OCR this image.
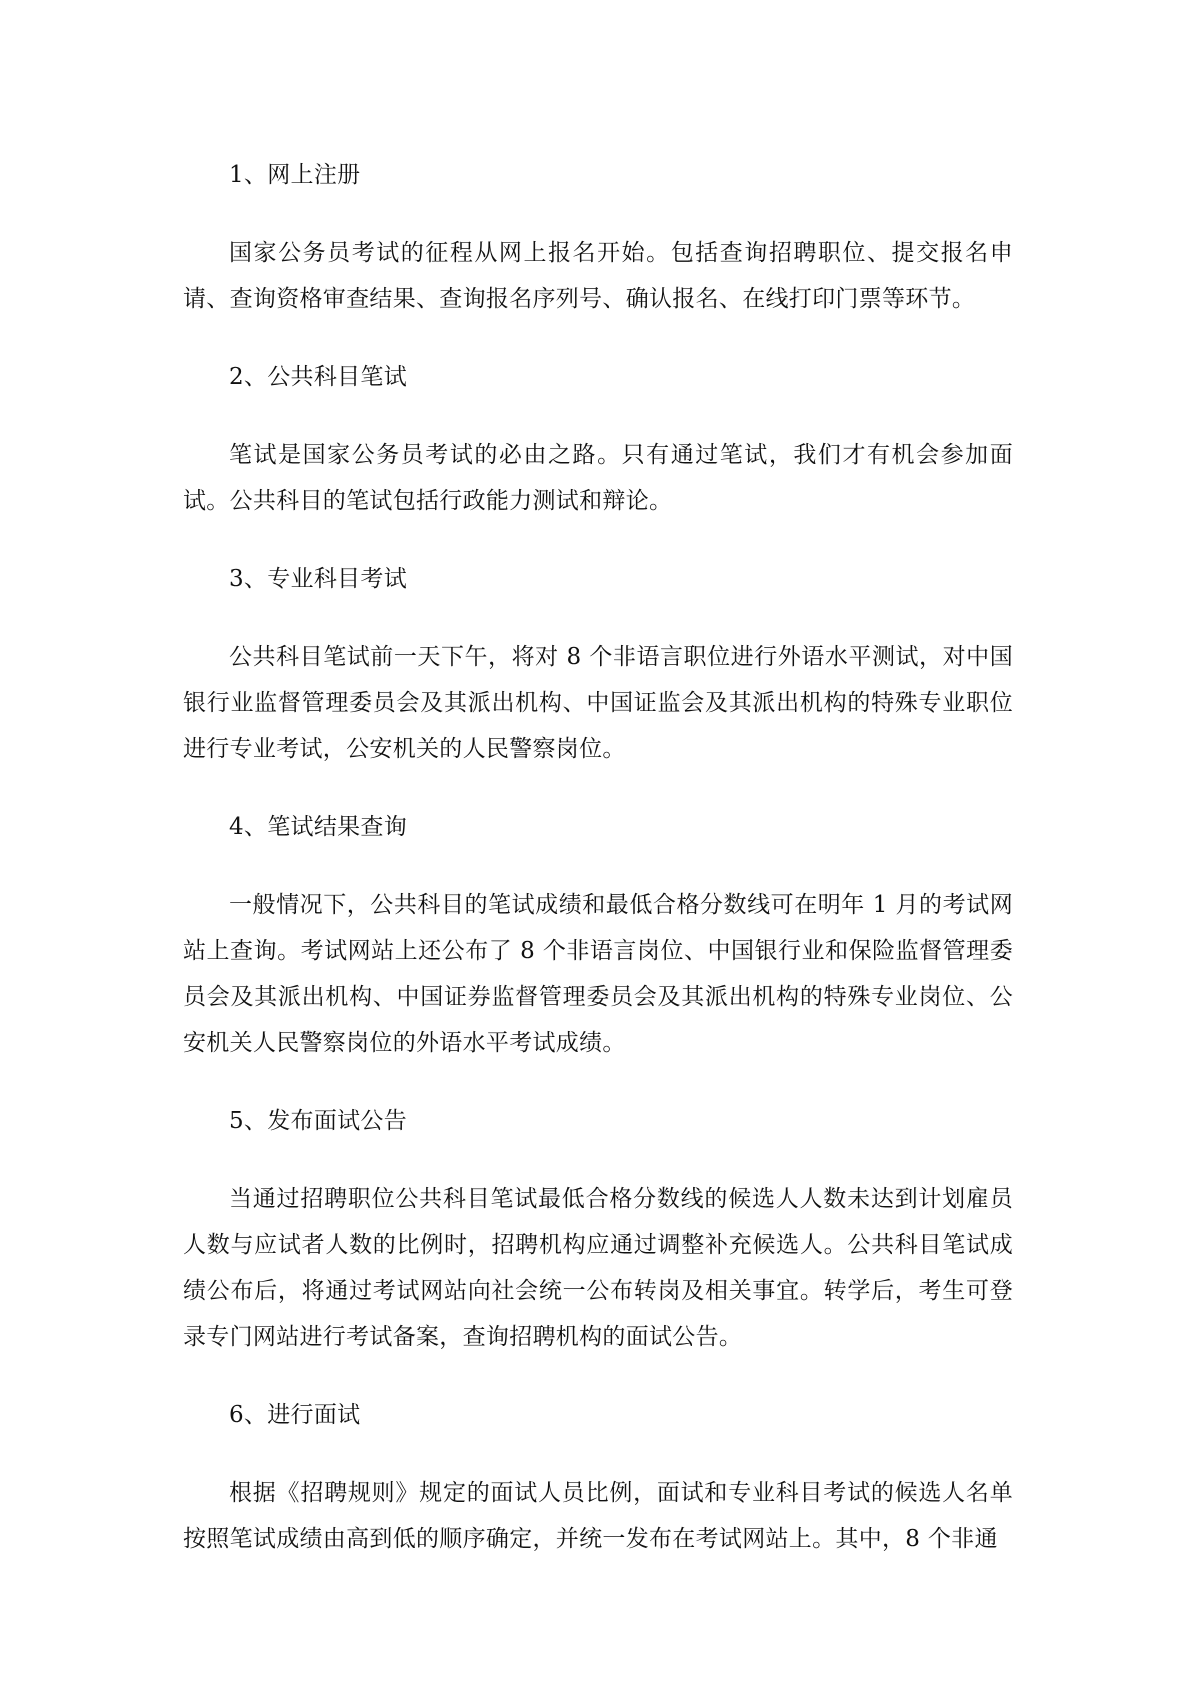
1、网上注册

国家公务员考试的征程从网上报名开始。包括查询招聘职位、提交报名申请、查询资格审查结果、查询报名序列号、确认报名、在线打印门票等环节。

2、公共科目笔试

笔试是国家公务员考试的必由之路。只有通过笔试，我们才有机会参加面试。公共科目的笔试包括行政能力测试和辩论。

3、专业科目考试

公共科目笔试前一天下午，将对 8 个非语言职位进行外语水平测试，对中国银行业监督管理委员会及其派出机构、中国证监会及其派出机构的特殊专业职位进行专业考试，公安机关的人民警察岗位。

4、笔试结果查询

一般情况下，公共科目的笔试成绩和最低合格分数线可在明年 1 月的考试网站上查询。考试网站上还公布了 8 个非语言岗位、中国银行业和保险监督管理委员会及其派出机构、中国证券监督管理委员会及其派出机构的特殊专业岗位、公安机关人民警察岗位的外语水平考试成绩。

5、发布面试公告

当通过招聘职位公共科目笔试最低合格分数线的候选人人数未达到计划雇员人数与应试者人数的比例时，招聘机构应通过调整补充候选人。公共科目笔试成绩公布后，将通过考试网站向社会统一公布转岗及相关事宜。转学后，考生可登录专门网站进行考试备案，查询招聘机构的面试公告。

6、进行面试

根据《招聘规则》规定的面试人员比例，面试和专业科目考试的候选人名单按照笔试成绩由高到低的顺序确定，并统一发布在考试网站上。其中，8 个非通
